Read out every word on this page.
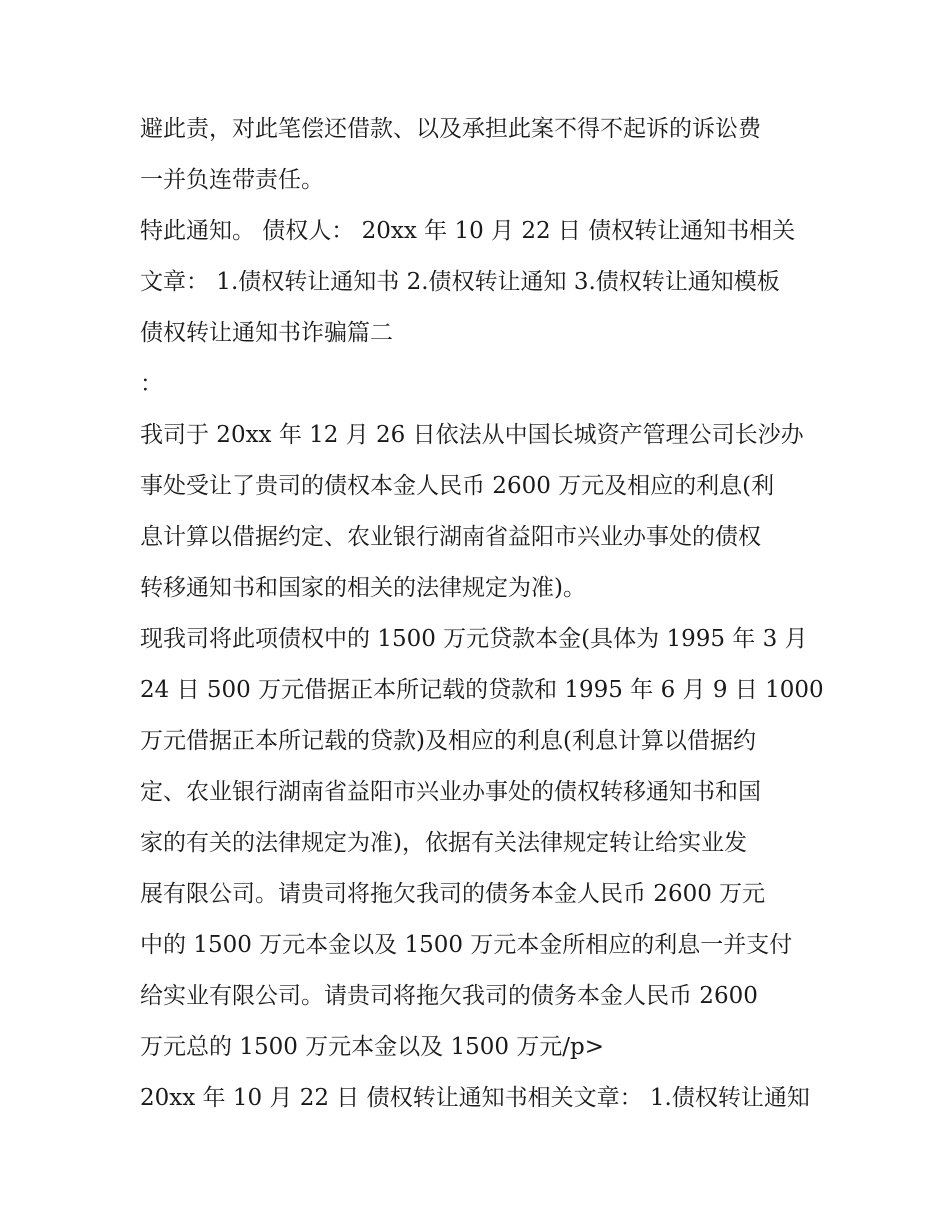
避此责，对此笔偿还借款、以及承担此案不得不起诉的诉讼费
一并负连带责任。
特此通知。 债权人： 20xx 年 10 月 22 日 债权转让通知书相关
文章： 1.债权转让通知书 2.债权转让通知 3.债权转让通知模板
债权转让通知书诈骗篇二
：
我司于 20xx 年 12 月 26 日依法从中国长城资产管理公司长沙办
事处受让了贵司的债权本金人民币 2600 万元及相应的利息(利
息计算以借据约定、农业银行湖南省益阳市兴业办事处的债权
转移通知书和国家的相关的法律规定为准)。
现我司将此项债权中的 1500 万元贷款本金(具体为 1995 年 3 月
24 日 500 万元借据正本所记载的贷款和 1995 年 6 月 9 日 1000
万元借据正本所记载的贷款)及相应的利息(利息计算以借据约
定、农业银行湖南省益阳市兴业办事处的债权转移通知书和国
家的有关的法律规定为准)，依据有关法律规定转让给实业发
展有限公司。请贵司将拖欠我司的债务本金人民币 2600 万元
中的 1500 万元本金以及 1500 万元本金所相应的利息一并支付
给实业有限公司。请贵司将拖欠我司的债务本金人民币 2600
万元总的 1500 万元本金以及 1500 万元/p>
20xx 年 10 月 22 日 债权转让通知书相关文章： 1.债权转让通知
